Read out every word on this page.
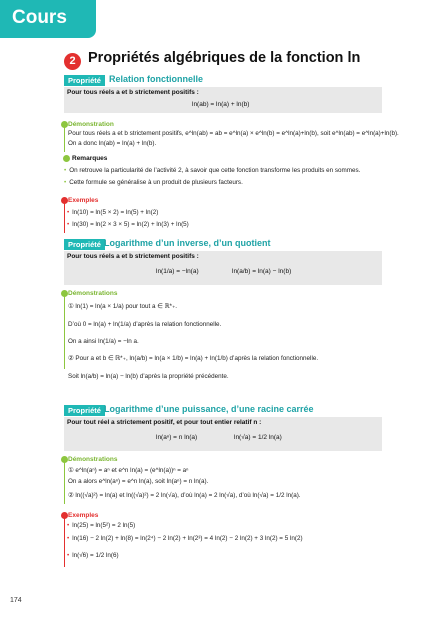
Cours
2 Propriétés algébriques de la fonction ln
Propriété Relation fonctionnelle
Pour tous réels a et b strictement positifs :
ln(ab) = ln(a) + ln(b)
Démonstration
Pour tous réels a et b strictement positifs, e^ln(ab) = ab = e^ln(a) × e^ln(b) = e^ln(a)+ln(b), soit e^ln(ab) = e^ln(a)+ln(b).
On a donc ln(ab) = ln(a) + ln(b).
Remarques
• On retrouve la particularité de l’activité 2, à savoir que cette fonction transforme les produits en sommes.
• Cette formule se généralise à un produit de plusieurs facteurs.
Exemples
• ln(10) = ln(5 × 2) = ln(5) + ln(2)
• ln(30) = ln(2 × 3 × 5) = ln(2) + ln(3) + ln(5)
Propriété Logarithme d’un inverse, d’un quotient
Pour tous réels a et b strictement positifs :
ln(1/a) = −ln(a)	ln(a/b) = ln(a) − ln(b)
Démonstrations
① ln(1) = ln(a × 1/a) pour tout a ∈ ℝ*₊.
D’où 0 = ln(a) + ln(1/a) d’après la relation fonctionnelle.
On a ainsi ln(1/a) = −ln a.
② Pour a et b ∈ ℝ*₊, ln(a/b) = ln(a × 1/b) = ln(a) + ln(1/b) d’après la relation fonctionnelle.
Soit ln(a/b) = ln(a) − ln(b) d’après la propriété précédente.
Propriété Logarithme d’une puissance, d’une racine carrée
Pour tout réel a strictement positif, et pour tout entier relatif n :
ln(aⁿ) = n ln(a)	ln(√a) = 1/2 ln(a)
Démonstrations
① e^ln(aⁿ) = aⁿ et e^n ln(a) = (e^ln(a))ⁿ = aⁿ
On a alors e^ln(aⁿ) = e^n ln(a), soit ln(aⁿ) = n ln(a).
② ln((√a)²) = ln(a) et ln((√a)²) = 2 ln(√a), d’où ln(a) = 2 ln(√a), d’où ln(√a) = 1/2 ln(a).
Exemples
• ln(25) = ln(5²) = 2 ln(5)
• ln(16) − 2 ln(2) + ln(8) = ln(2⁴) − 2 ln(2) + ln(2³) = 4 ln(2) − 2 ln(2) + 3 ln(2) = 5 ln(2)
• ln(√6) = 1/2 ln(6)
174
